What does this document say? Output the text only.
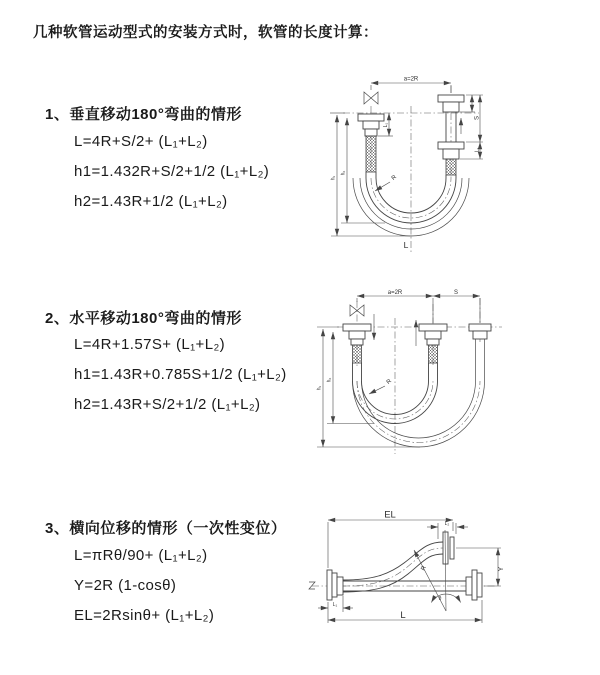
几种软管运动型式的安装方式时，软管的长度计算：
1、垂直移动180°弯曲的情形
L=4R+S/2+ (L₁+L₂)
h1=1.432R+S/2+1/2 (L₁+L₂)
h2=1.43R+1/2 (L₁+L₂)
2、水平移动180°弯曲的情形
L=4R+1.57S+ (L₁+L₂)
h1=1.43R+0.785S+1/2 (L₁+L₂)
h2=1.43R+S/2+1/2 (L₁+L₂)
3、横向位移的情形（一次性变位）
L=πRθ/90+ (L₁+L₂)
Y=2R (1-cosθ)
EL=2Rsinθ+ (L₁+L₂)
a=2R
h₁
h₂
L₁
S
L₂
R
L
a=2R	S
h₁
h₂	R
EL
L₂
Y
R
θ
L₁
L
